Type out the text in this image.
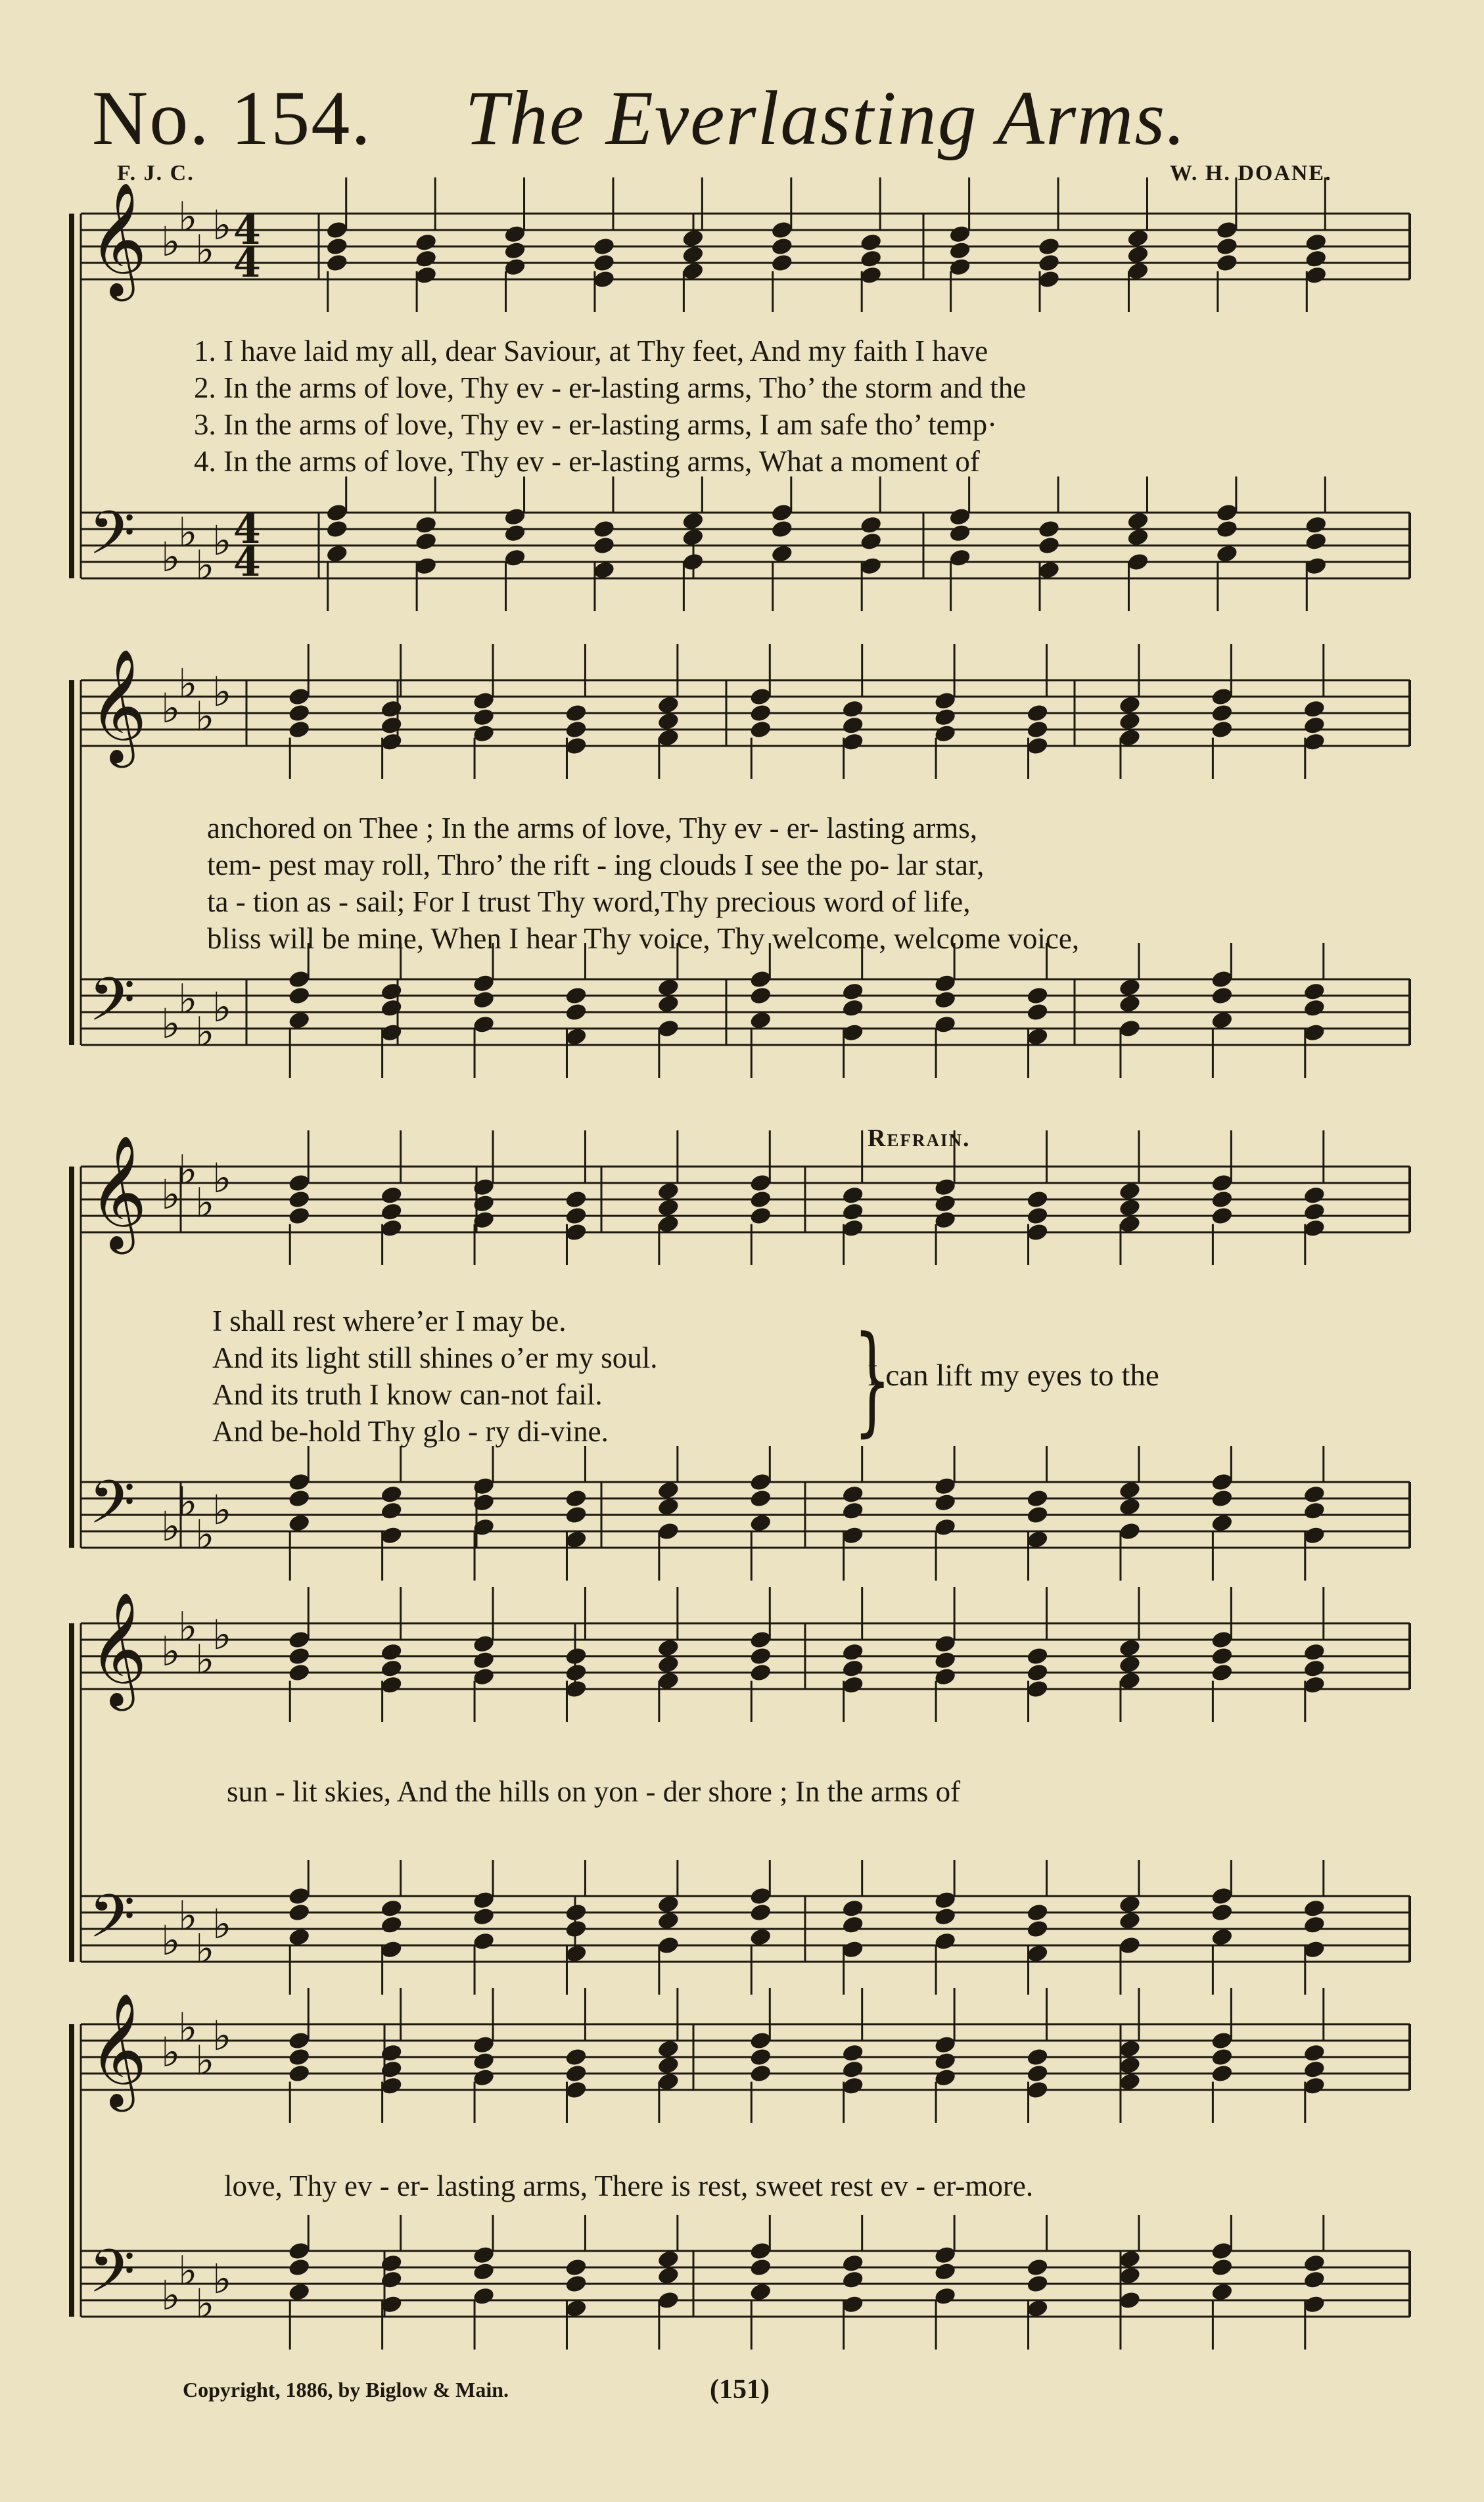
No. 154. The Everlasting Arms.
F. J. C.	W. H. DOANE.
𝄞 ♭
♭
♭
♭ 4
4
𝄢 ♭
♭
♭
♭ 4
4
1. I have laid my all, dear Saviour, at Thy feet, And my faith I have
2. In the arms of love, Thy ev - er-lasting arms, Tho’ the storm and the
3. In the arms of love, Thy ev - er-lasting arms, I am safe tho’ temp·
4. In the arms of love, Thy ev - er-lasting arms, What a moment of
𝄞 ♭
♭
♭
♭
𝄢 ♭
♭
♭
♭
anchored on Thee ; In the arms of love, Thy ev - er- lasting arms,
tem- pest may roll, Thro’ the rift - ing clouds I see the po- lar star,
ta - tion as - sail; For I trust Thy word,Thy precious word of life,
bliss will be mine, When I hear Thy voice, Thy welcome, welcome voice,
Refrain.
𝄞 ♭
♭
♭
♭
𝄢 ♭
♭
♭
♭
I shall rest where’er I may be.
And its light still shines o’er my soul.
And its truth I know can-not fail.
And be-hold Thy glo - ry di-vine.	}
I can lift my eyes to the
𝄞 ♭
♭
♭
♭
𝄢 ♭
♭
♭
♭
sun - lit skies, And the hills on yon - der shore ; In the arms of
𝄞 ♭
♭
♭
♭
𝄢 ♭
♭
♭
♭
love, Thy ev - er- lasting arms, There is rest, sweet rest ev - er-more.
Copyright, 1886, by Biglow & Main.	(151)
